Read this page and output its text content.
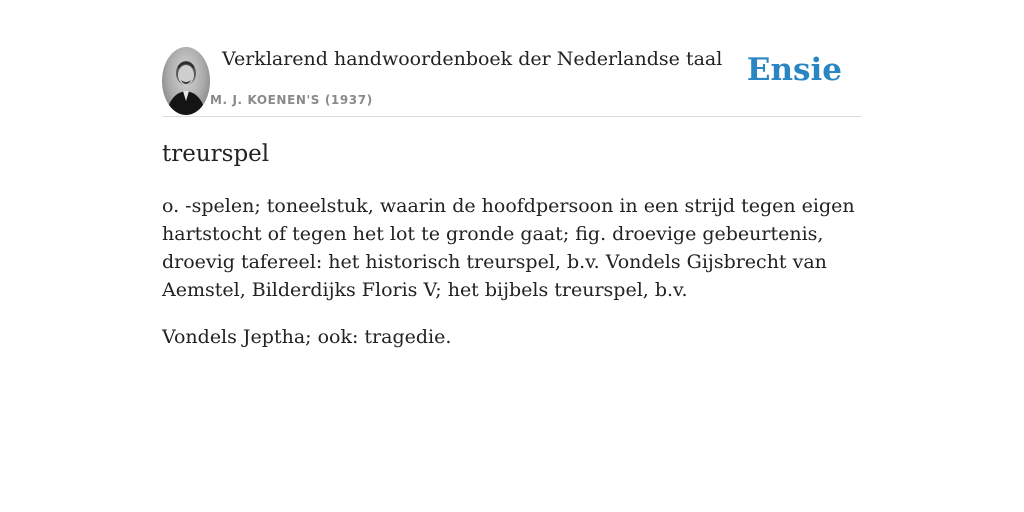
Verklarend handwoordenboek der Nederlandse taal
M. J. KOENEN'S (1937)
Ensie
treurspel

o. -spelen; toneelstuk, waarin de hoofdpersoon in een strijd tegen eigen hartstocht of tegen het lot te gronde gaat; fig. droevige gebeurtenis, droevig tafereel: het historisch treurspel, b.v. Vondels Gijsbrecht van Aemstel, Bilderdijks Floris V; het bijbels treurspel, b.v.

Vondels Jeptha; ook: tragedie.
